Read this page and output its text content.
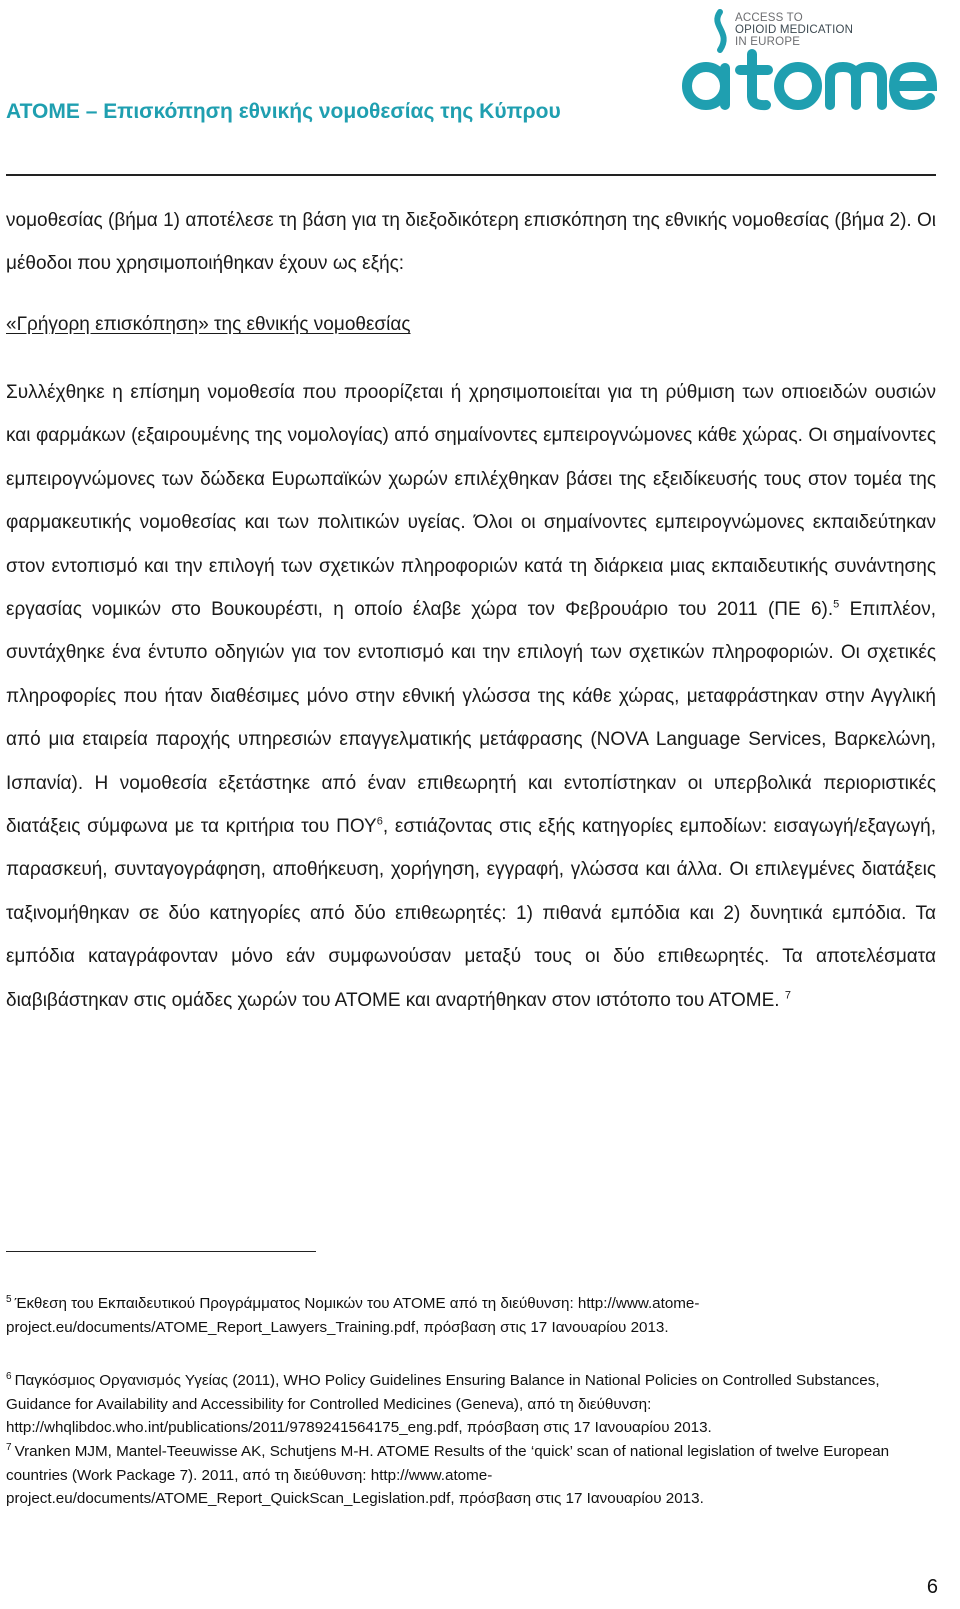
ATOME – Επισκόπηση εθνικής νομοθεσίας της Κύπρου
ACCESS TO
OPIOID MEDICATION
IN EUROPE
νομοθεσίας (βήμα 1) αποτέλεσε τη βάση για τη διεξοδικότερη επισκόπηση της εθνικής νομοθεσίας (βήμα 2). Οι μέθοδοι που χρησιμοποιήθηκαν έχουν ως εξής:
«Γρήγορη επισκόπηση» της εθνικής νομοθεσίας
Συλλέχθηκε η επίσημη νομοθεσία που προορίζεται ή χρησιμοποιείται για τη ρύθμιση των οπιοειδών ουσιών και φαρμάκων (εξαιρουμένης της νομολογίας) από σημαίνοντες εμπειρογνώμονες κάθε χώρας. Οι σημαίνοντες εμπειρογνώμονες των δώδεκα Ευρωπαϊκών χωρών επιλέχθηκαν βάσει της εξειδίκευσής τους στον τομέα της φαρμακευτικής νομοθεσίας και των πολιτικών υγείας. Όλοι οι σημαίνοντες εμπειρογνώμονες εκπαιδεύτηκαν στον εντοπισμό και την επιλογή των σχετικών πληροφοριών κατά τη διάρκεια μιας εκπαιδευτικής συνάντησης εργασίας νομικών στο Βουκουρέστι, η οποίο έλαβε χώρα τον Φεβρουάριο του 2011 (ΠΕ 6).$^5$ Επιπλέον, συντάχθηκε ένα έντυπο οδηγιών για τον εντοπισμό και την επιλογή των σχετικών πληροφοριών. Οι σχετικές πληροφορίες που ήταν διαθέσιμες μόνο στην εθνική γλώσσα της κάθε χώρας, μεταφράστηκαν στην Αγγλική από μια εταιρεία παροχής υπηρεσιών επαγγελματικής μετάφρασης (NOVA Language Services, Βαρκελώνη, Ισπανία). Η νομοθεσία εξετάστηκε από έναν επιθεωρητή και εντοπίστηκαν οι υπερβολικά περιοριστικές διατάξεις σύμφωνα με τα κριτήρια του ΠΟΥ$^6$, εστιάζοντας στις εξής κατηγορίες εμποδίων: εισαγωγή/εξαγωγή, παρασκευή, συνταγογράφηση, αποθήκευση, χορήγηση, εγγραφή, γλώσσα και άλλα. Οι επιλεγμένες διατάξεις ταξινομήθηκαν σε δύο κατηγορίες από δύο επιθεωρητές: 1) πιθανά εμπόδια και 2) δυνητικά εμπόδια. Τα εμπόδια καταγράφονταν μόνο εάν συμφωνούσαν μεταξύ τους οι δύο επιθεωρητές. Τα αποτελέσματα διαβιβάστηκαν στις ομάδες χωρών του ΑΤΟΜΕ και αναρτήθηκαν στον ιστότοπο του ΑΤΟΜΕ. $^7$
$^5$ Έκθεση του Εκπαιδευτικού Προγράμματος Νομικών του ΑΤΟΜΕ από τη διεύθυνση: http://www.atome-project.eu/documents/ATOME_Report_Lawyers_Training.pdf, πρόσβαση στις 17 Ιανουαρίου 2013.
$^6$ Παγκόσμιος Οργανισμός Υγείας (2011), WHO Policy Guidelines Ensuring Balance in National Policies on Controlled Substances, Guidance for Availability and Accessibility for Controlled Medicines (Geneva), από τη διεύθυνση: http://whqlibdoc.who.int/publications/2011/9789241564175_eng.pdf, πρόσβαση στις 17 Ιανουαρίου 2013.
$^7$ Vranken MJM, Mantel-Teeuwisse AK, Schutjens M-H. ATOME Results of the ‘quick’ scan of national legislation of twelve European countries (Work Package 7). 2011, από τη διεύθυνση: http://www.atome-project.eu/documents/ATOME_Report_QuickScan_Legislation.pdf, πρόσβαση στις 17 Ιανουαρίου 2013.
6
